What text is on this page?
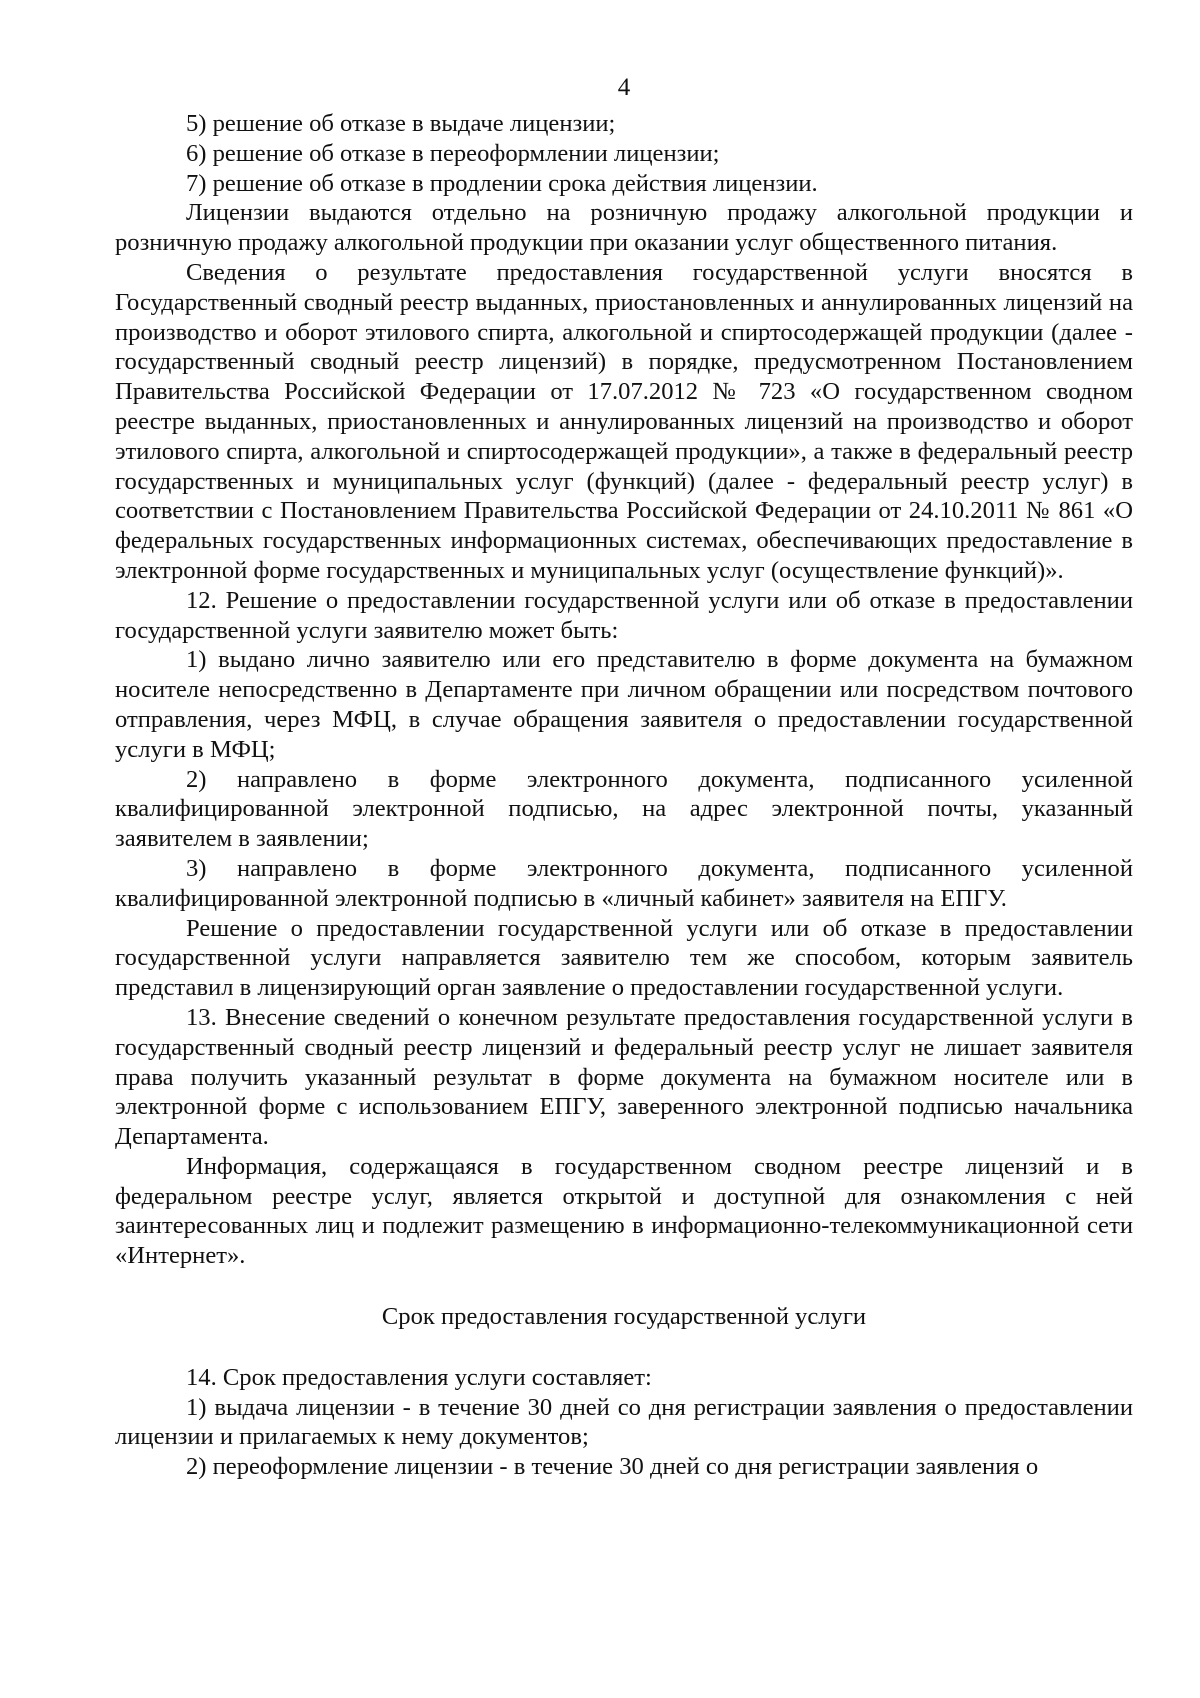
4

5) решение об отказе в выдаче лицензии;

6) решение об отказе в переоформлении лицензии;

7) решение об отказе в продлении срока действия лицензии.

Лицензии выдаются отдельно на розничную продажу алкогольной продукции и розничную продажу алкогольной продукции при оказании услуг общественного питания.

Сведения о результате предоставления государственной услуги вносятся в Государственный сводный реестр выданных, приостановленных и аннулированных лицензий на производство и оборот этилового спирта, алкогольной и спиртосодержащей продукции (далее - государственный сводный реестр лицензий) в порядке, предусмотренном Постановлением Правительства Российской Федерации от 17.07.2012 № 723 «О государственном сводном реестре выданных, приостановленных и аннулированных лицензий на производство и оборот этилового спирта, алкогольной и спиртосодержащей продукции», а также в федеральный реестр государственных и муниципальных услуг (функций) (далее - федеральный реестр услуг) в соответствии с Постановлением Правительства Российской Федерации от 24.10.2011 № 861 «О федеральных государственных информационных системах, обеспечивающих предоставление в электронной форме государственных и муниципальных услуг (осуществление функций)».

12. Решение о предоставлении государственной услуги или об отказе в предоставлении государственной услуги заявителю может быть:

1) выдано лично заявителю или его представителю в форме документа на бумажном носителе непосредственно в Департаменте при личном обращении или посредством почтового отправления, через МФЦ, в случае обращения заявителя о предоставлении государственной услуги в МФЦ;

2) направлено в форме электронного документа, подписанного усиленной квалифицированной электронной подписью, на адрес электронной почты, указанный заявителем в заявлении;

3) направлено в форме электронного документа, подписанного усиленной квалифицированной электронной подписью в «личный кабинет» заявителя на ЕПГУ.

Решение о предоставлении государственной услуги или об отказе в предоставлении государственной услуги направляется заявителю тем же способом, которым заявитель представил в лицензирующий орган заявление о предоставлении государственной услуги.

13. Внесение сведений о конечном результате предоставления государственной услуги в государственный сводный реестр лицензий и федеральный реестр услуг не лишает заявителя права получить указанный результат в форме документа на бумажном носителе или в электронной форме с использованием ЕПГУ, заверенного электронной подписью начальника Департамента.

Информация, содержащаяся в государственном сводном реестре лицензий и в федеральном реестре услуг, является открытой и доступной для ознакомления с ней заинтересованных лиц и подлежит размещению в информационно-телекоммуникационной сети «Интернет».

Срок предоставления государственной услуги

14. Срок предоставления услуги составляет:

1) выдача лицензии - в течение 30 дней со дня регистрации заявления о предоставлении лицензии и прилагаемых к нему документов;

2) переоформление лицензии - в течение 30 дней со дня регистрации заявления о
